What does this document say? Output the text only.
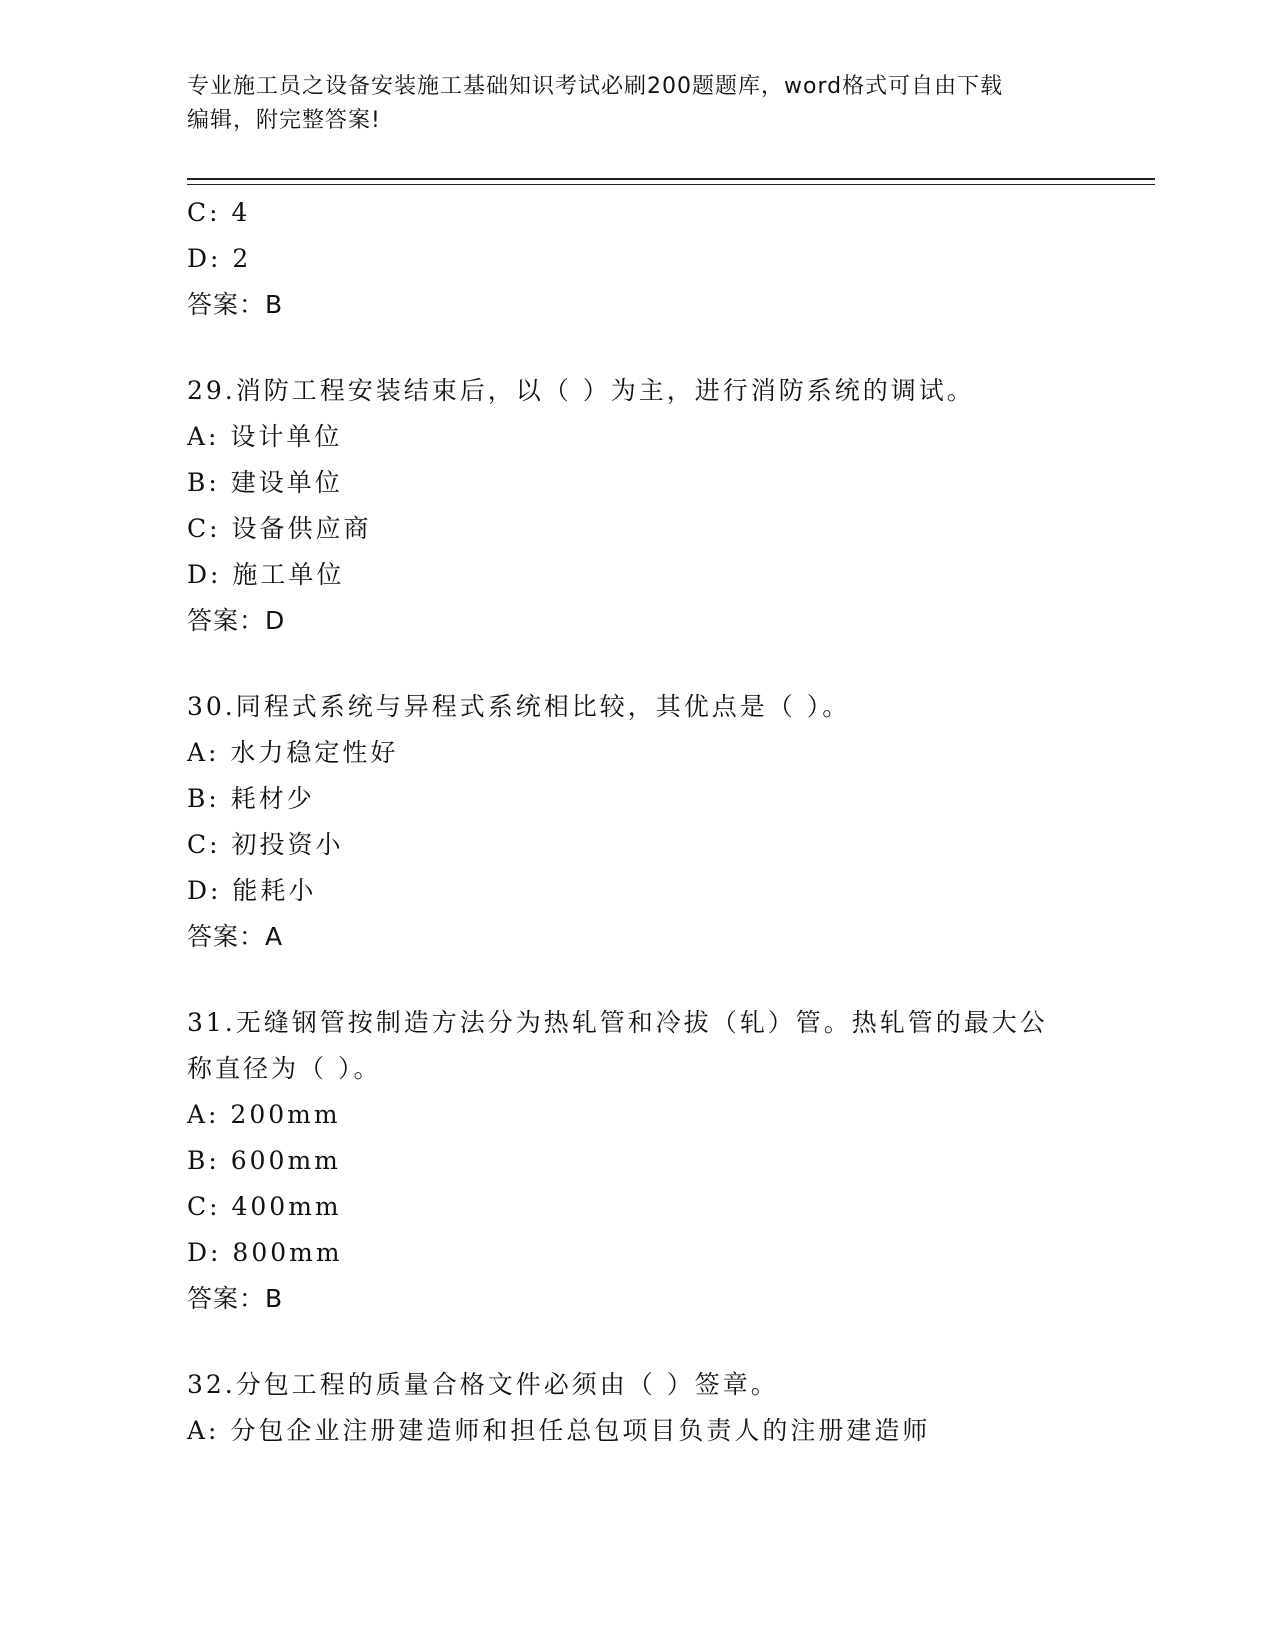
专业施工员之设备安装施工基础知识考试必刷200题题库，word格式可自由下载
编辑，附完整答案!
C: 4
D: 2
答案：B
29.消防工程安装结束后，以（ ）为主，进行消防系统的调试。
A: 设计单位
B: 建设单位
C: 设备供应商
D: 施工单位
答案：D
30.同程式系统与异程式系统相比较，其优点是（ ）。
A: 水力稳定性好
B: 耗材少
C: 初投资小
D: 能耗小
答案：A
31.无缝钢管按制造方法分为热轧管和冷拔（轧）管。热轧管的最大公
称直径为（ ）。
A: 200mm
B: 600mm
C: 400mm
D: 800mm
答案：B
32.分包工程的质量合格文件必须由（ ）签章。
A: 分包企业注册建造师和担任总包项目负责人的注册建造师
